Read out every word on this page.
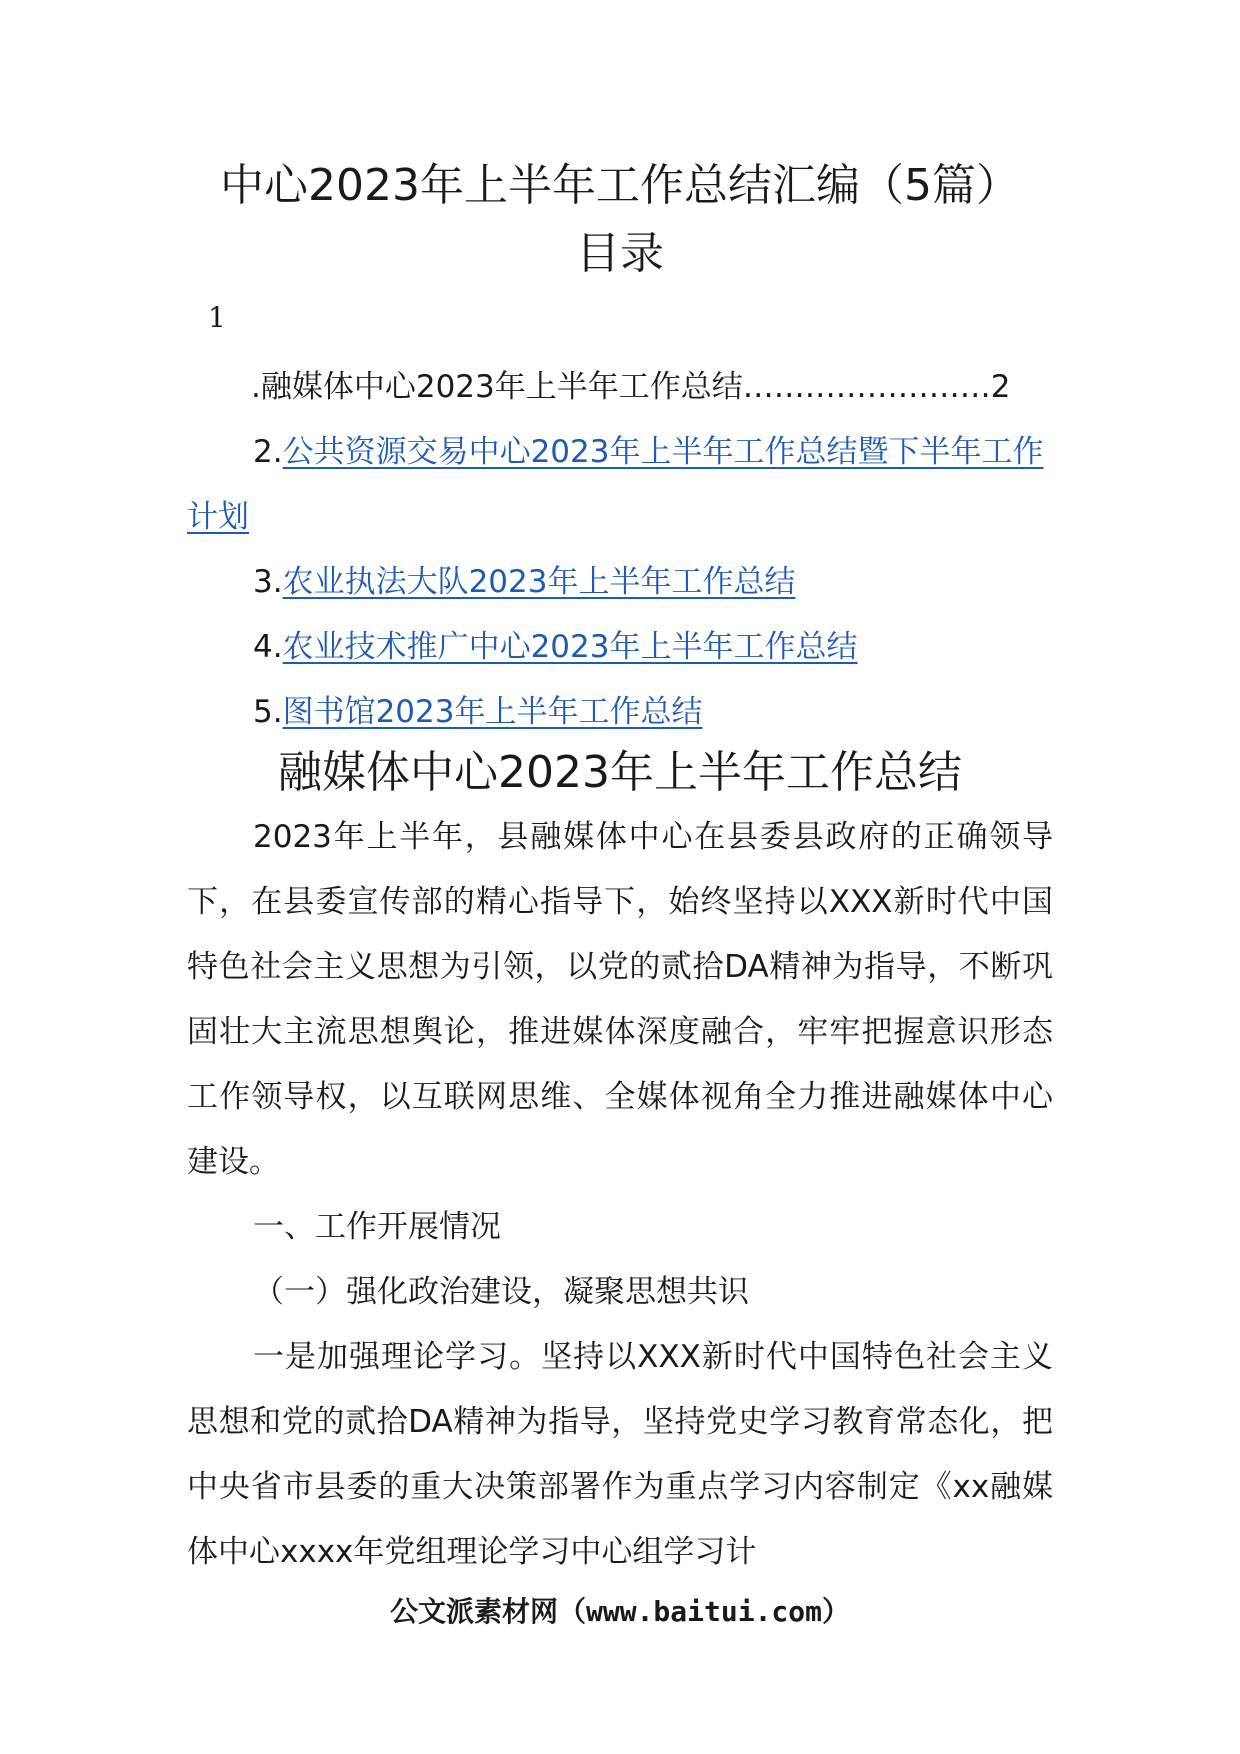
中心2023年上半年工作总结汇编（5篇）
目录
1
.融媒体中心2023年上半年工作总结……………………2
2.公共资源交易中心2023年上半年工作总结暨下半年工作计划
3.农业执法大队2023年上半年工作总结
4.农业技术推广中心2023年上半年工作总结
5.图书馆2023年上半年工作总结
融媒体中心2023年上半年工作总结

2023年上半年，县融媒体中心在县委县政府的正确领导下，在县委宣传部的精心指导下，始终坚持以XXX新时代中国特色社会主义思想为引领，以党的贰拾DA精神为指导，不断巩固壮大主流思想舆论，推进媒体深度融合，牢牢把握意识形态工作领导权，以互联网思维、全媒体视角全力推进融媒体中心建设。

一、工作开展情况

（一）强化政治建设，凝聚思想共识

一是加强理论学习。坚持以XXX新时代中国特色社会主义思想和党的贰拾DA精神为指导，坚持党史学习教育常态化，把中央省市县委的重大决策部署作为重点学习内容制定《xx融媒体中心xxxx年党组理论学习中心组学习计

公文派素材网（www.baitui.com）
